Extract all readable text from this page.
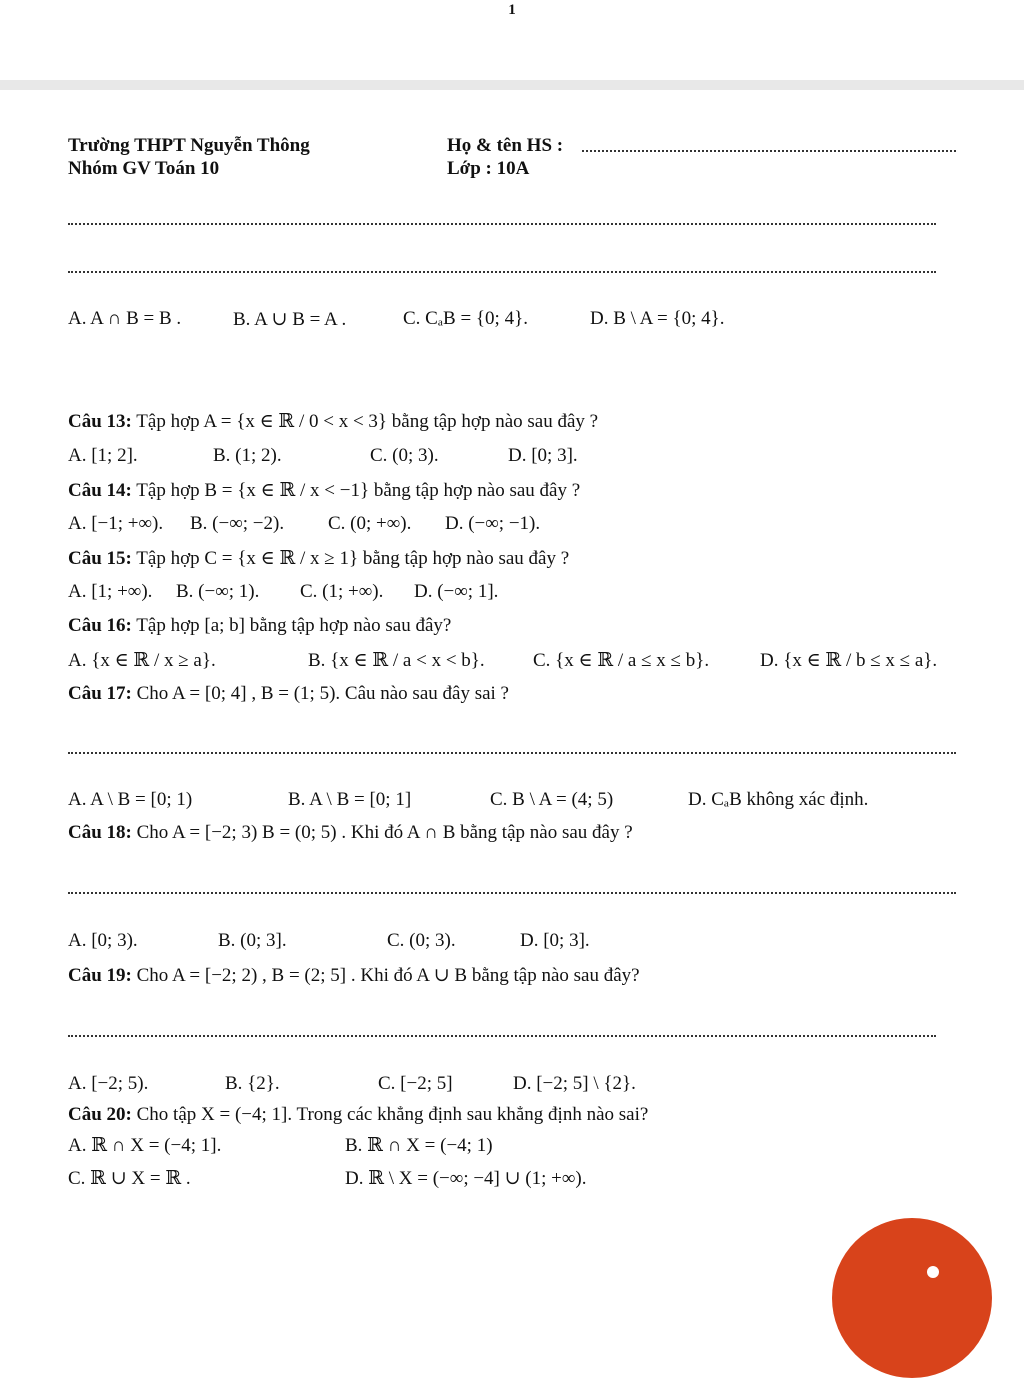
1
Trường THPT Nguyễn Thông
Nhóm GV Toán 10
Họ & tên HS :
Lớp : 10A
A. A ∩ B = B .	B. A ∪ B = A .	C. CₐB = {0; 4}.	D. B \ A = {0; 4}.
Câu 13: Tập hợp A = {x ∈ ℝ / 0 < x < 3} bằng tập hợp nào sau đây ?
A. [1; 2].	B. (1; 2).	C. (0; 3).	D. [0; 3].
Câu 14: Tập hợp B = {x ∈ ℝ / x < −1} bằng tập hợp nào sau đây ?
A. [−1; +∞). B. (−∞; −2). C. (0; +∞). D. (−∞; −1).
Câu 15: Tập hợp C = {x ∈ ℝ / x ≥ 1} bằng tập hợp nào sau đây ?
A. [1; +∞). B. (−∞; 1). C. (1; +∞). D. (−∞; 1].
Câu 16: Tập hợp [a; b] bằng tập hợp nào sau đây?
A. {x ∈ ℝ / x ≥ a}.	B. {x ∈ ℝ / a < x < b}.	C. {x ∈ ℝ / a ≤ x ≤ b}.	D. {x ∈ ℝ / b ≤ x ≤ a}.
Câu 17: Cho A = [0; 4] , B = (1; 5). Câu nào sau đây sai ?
A. A \ B = [0; 1)	B. A \ B = [0; 1]	C. B \ A = (4; 5)	D. CₐB không xác định.
Câu 18: Cho A = [−2; 3) B = (0; 5) . Khi đó A ∩ B bằng tập nào sau đây ?
A. [0; 3).	B. (0; 3].	C. (0; 3).	D. [0; 3].
Câu 19: Cho A = [−2; 2) , B = (2; 5] . Khi đó A ∪ B bằng tập nào sau đây?
A. [−2; 5).	B. {2}.	C. [−2; 5]	D. [−2; 5] \ {2}.
Câu 20: Cho tập X = (−4; 1]. Trong các khẳng định sau khẳng định nào sai?
A. ℝ ∩ X = (−4; 1].	B. ℝ ∩ X = (−4; 1)
C. ℝ ∪ X = ℝ .	D. ℝ \ X = (−∞; −4] ∪ (1; +∞).
